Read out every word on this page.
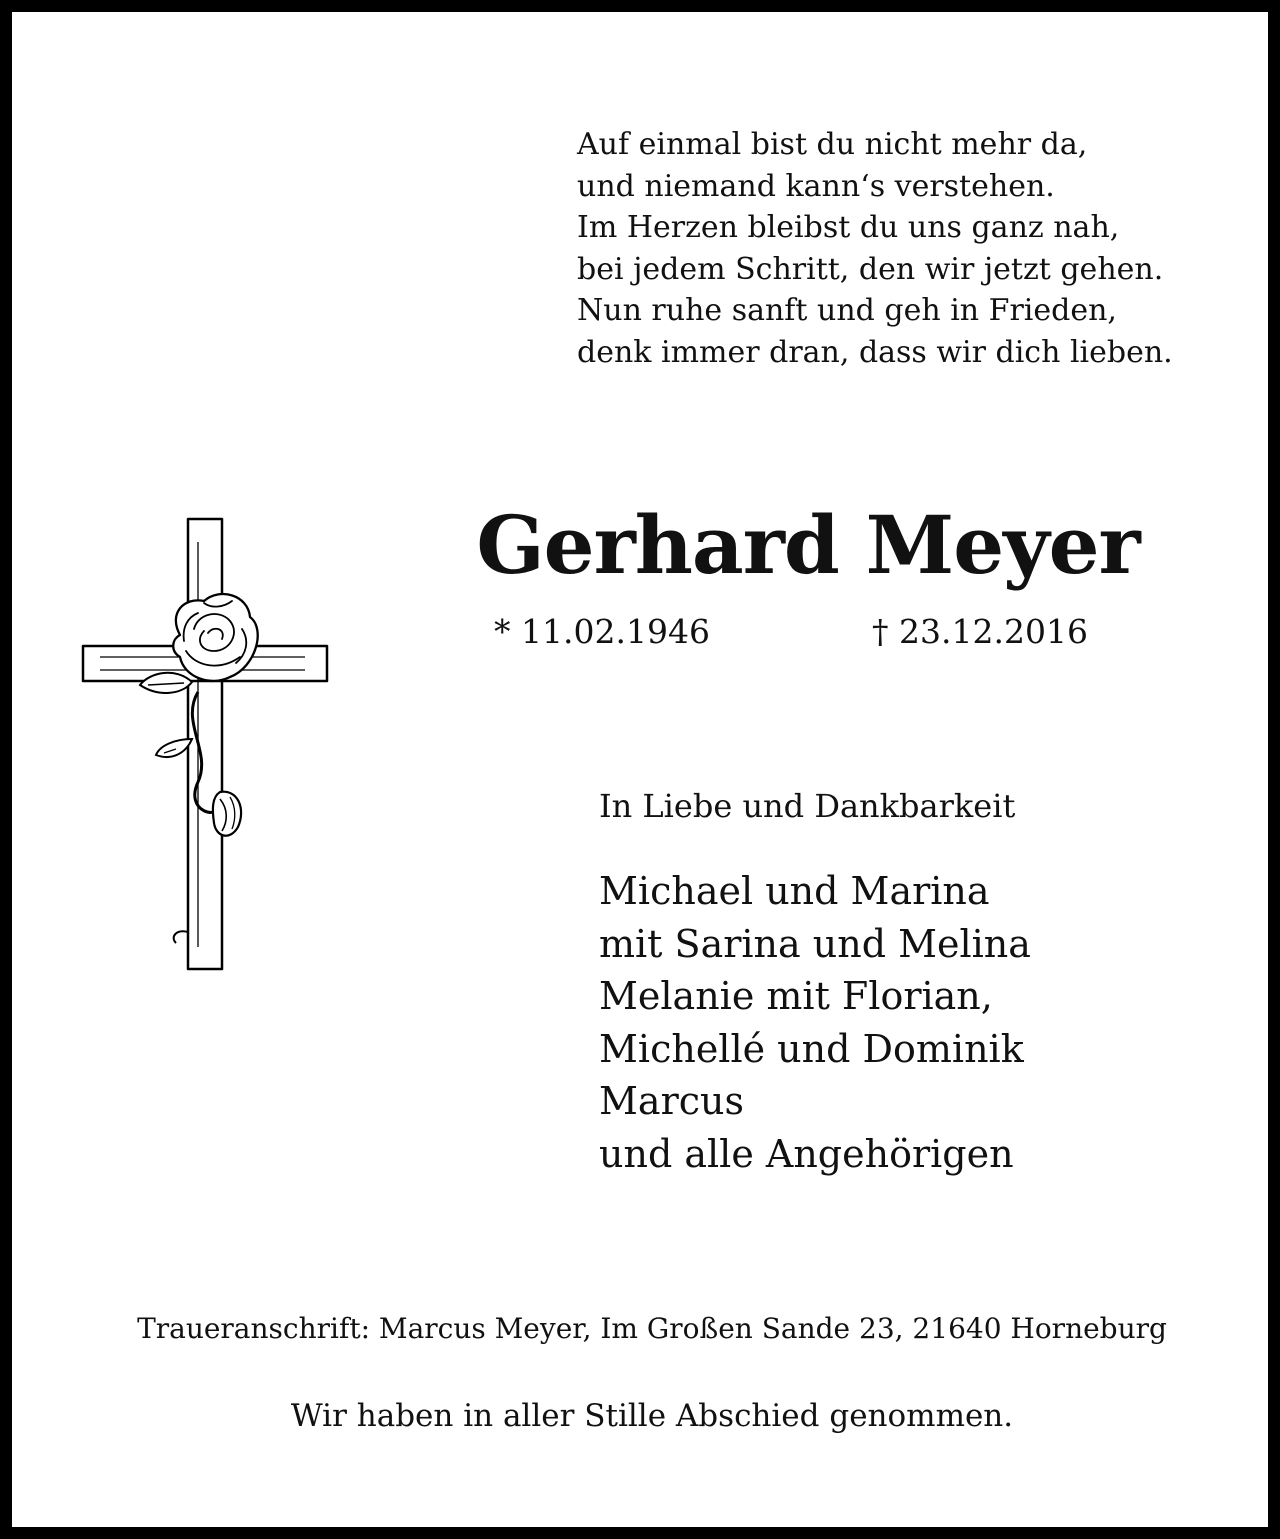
Auf einmal bist du nicht mehr da,
und niemand kann‘s verstehen.
Im Herzen bleibst du uns ganz nah,
bei jedem Schritt, den wir jetzt gehen.
Nun ruhe sanft und geh in Frieden,
denk immer dran, dass wir dich lieben.
Gerhard Meyer
* 11.02.1946	† 23.12.2016
In Liebe und Dankbarkeit
Michael und Marina
mit Sarina und Melina
Melanie mit Florian,
Michellé und Dominik
Marcus
und alle Angehörigen
Traueranschrift: Marcus Meyer, Im Großen Sande 23, 21640 Horneburg
Wir haben in aller Stille Abschied genommen.
